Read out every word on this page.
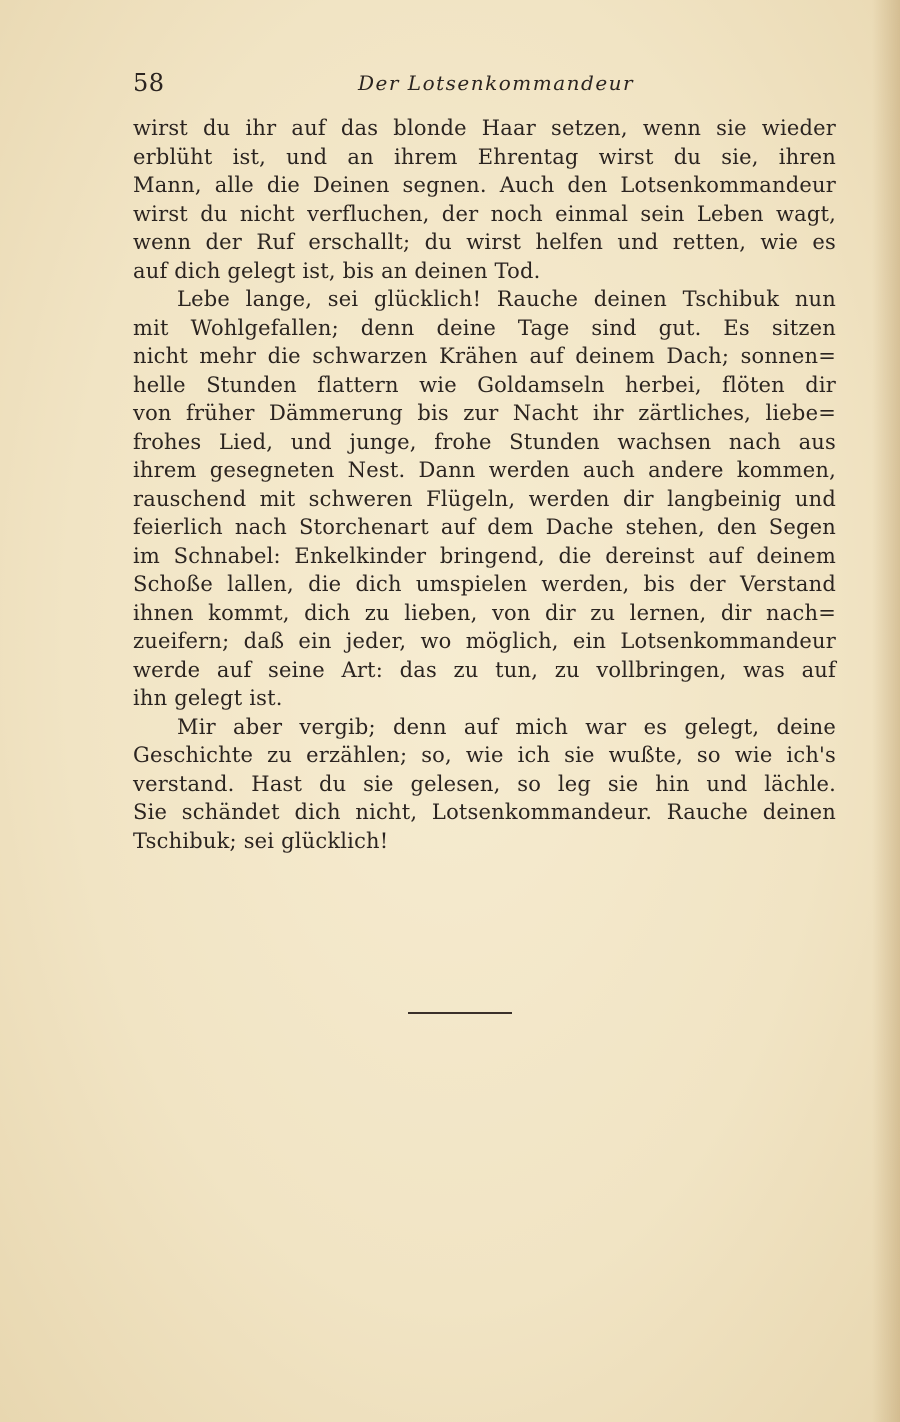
58	Der Lotsenkommandeur
wirst du ihr auf das blonde Haar setzen, wenn sie wieder
erblüht ist, und an ihrem Ehrentag wirst du sie, ihren
Mann, alle die Deinen segnen. Auch den Lotsenkommandeur
wirst du nicht verfluchen, der noch einmal sein Leben wagt,
wenn der Ruf erschallt; du wirst helfen und retten, wie es
auf dich gelegt ist, bis an deinen Tod.
Lebe lange, sei glücklich! Rauche deinen Tschibuk nun
mit Wohlgefallen; denn deine Tage sind gut. Es sitzen
nicht mehr die schwarzen Krähen auf deinem Dach; sonnen=
helle Stunden flattern wie Goldamseln herbei, flöten dir
von früher Dämmerung bis zur Nacht ihr zärtliches, liebe=
frohes Lied, und junge, frohe Stunden wachsen nach aus
ihrem gesegneten Nest. Dann werden auch andere kommen,
rauschend mit schweren Flügeln, werden dir langbeinig und
feierlich nach Storchenart auf dem Dache stehen, den Segen
im Schnabel: Enkelkinder bringend, die dereinst auf deinem
Schoße lallen, die dich umspielen werden, bis der Verstand
ihnen kommt, dich zu lieben, von dir zu lernen, dir nach=
zueifern; daß ein jeder, wo möglich, ein Lotsenkommandeur
werde auf seine Art: das zu tun, zu vollbringen, was auf
ihn gelegt ist.
Mir aber vergib; denn auf mich war es gelegt, deine
Geschichte zu erzählen; so, wie ich sie wußte, so wie ich's
verstand. Hast du sie gelesen, so leg sie hin und lächle.
Sie schändet dich nicht, Lotsenkommandeur. Rauche deinen
Tschibuk; sei glücklich!
